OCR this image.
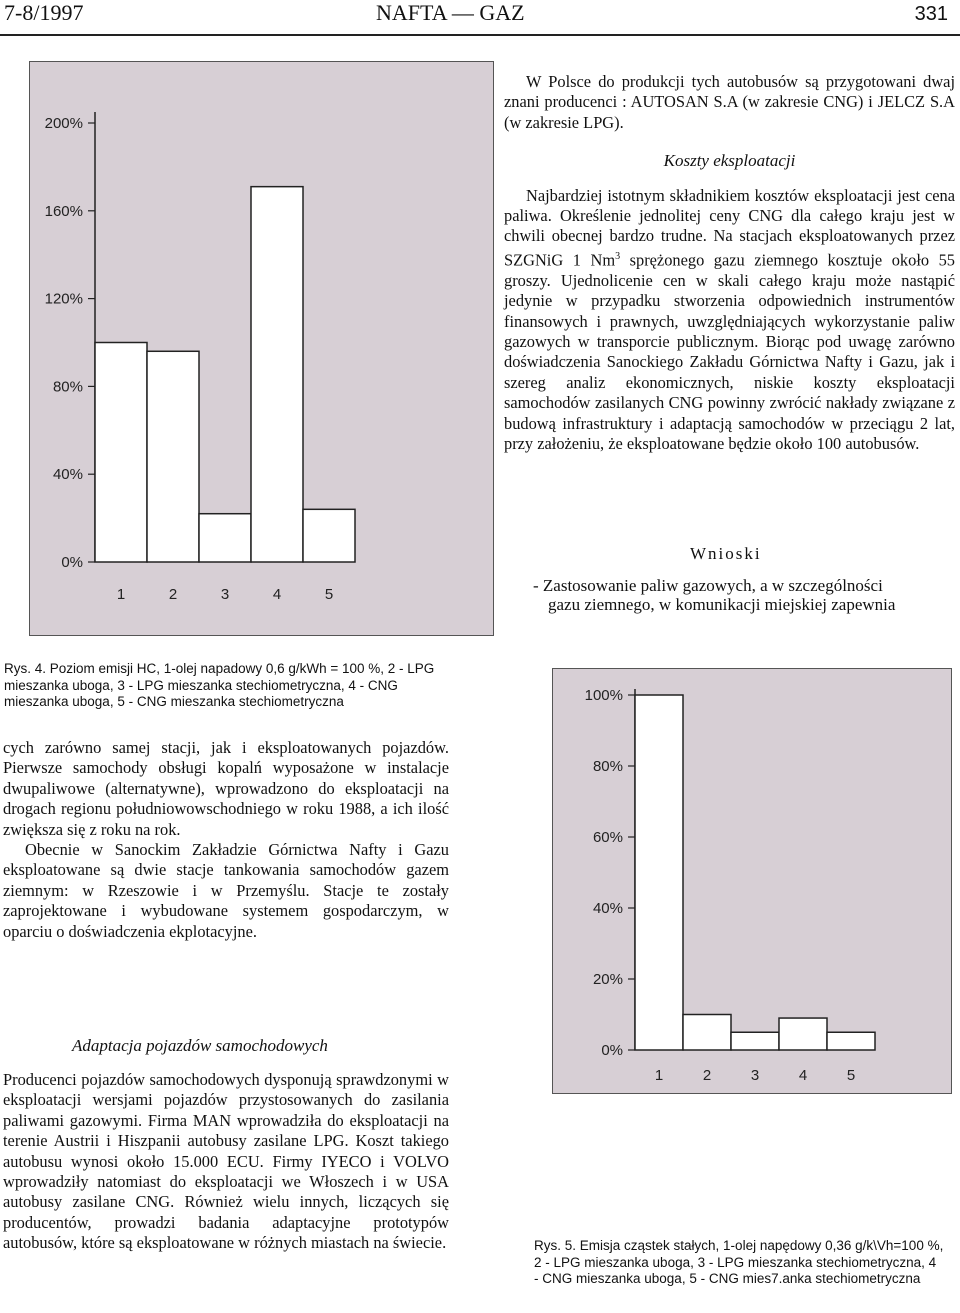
7-8/1997	NAFTA — GAZ	331
0%
40%
80%
120%
160%
200%
1	2	3	4	5

W Polsce do produkcji tych autobusów są przygotowani dwaj znani producenci : AUTOSAN S.A (w zakresie CNG) i JELCZ S.A (w zakresie LPG).

Koszty eksploatacji

Najbardziej istotnym składnikiem kosztów eksploatacji jest cena paliwa. Określenie jednolitej ceny CNG dla całego kraju jest w chwili obecnej bardzo trudne. Na stacjach eksploatowanych przez SZGNiG 1 Nm$^3$ sprężonego gazu ziemnego kosztuje około 55 groszy. Ujednolicenie cen w skali całego kraju może nastąpić jedynie w przypadku stworzenia odpowiednich instrumentów finansowych i prawnych, uwzględniających wykorzystanie paliw gazowych w transporcie publicznym. Biorąc pod uwagę zarówno doświadczenia Sanockiego Zakładu Górnictwa Nafty i Gazu, jak i szereg analiz ekonomicznych, niskie koszty eksploatacji samochodów zasilanych CNG powinny zwrócić nakłady związane z budową infrastruktury i adaptacją samochodów w przeciągu 2 lat, przy założeniu, że eksploatowane będzie około 100 autobusów.

Wnioski
- Zastosowanie paliw gazowych, a w szczególności
gazu ziemnego, w komunikacji miejskiej zapewnia
Rys. 4. Poziom emisji HC, 1-olej napadowy 0,6 g/kWh = 100 %, 2 - LPG mieszanka uboga, 3 - LPG mieszanka stechiometryczna, 4 - CNG mieszanka uboga, 5 - CNG mieszanka stechiometryczna

cych zarówno samej stacji, jak i eksploatowanych pojazdów. Pierwsze samochody obsługi kopalń wyposażone w instalacje dwupaliwowe (alternatywne), wprowadzono do eksploatacji na drogach regionu południowowschodniego w roku 1988, a ich ilość zwiększa się z roku na rok.

Obecnie w Sanockim Zakładzie Górnictwa Nafty i Gazu eksploatowane są dwie stacje tankowania samochodów gazem ziemnym: w Rzeszowie i w Przemyślu. Stacje te zostały zaprojektowane i wybudowane systemem gospodarczym, w oparciu o doświadczenia ekplotacyjne.

Adaptacja pojazdów samochodowych
Producenci pojazdów samochodowych dysponują sprawdzonymi w eksploatacji wersjami pojazdów przystosowanych do zasilania paliwami gazowymi. Firma MAN wprowadziła do eksploatacji na terenie Austrii i Hiszpanii autobusy zasilane LPG. Koszt takiego autobusu wynosi około 15.000 ECU. Firmy IYECO i VOLVO wprowadziły natomiast do eksploatacji we Włoszech i w USA autobusy zasilane CNG. Również wielu innych, liczących się producentów, prowadzi badania adaptacyjne prototypów autobusów, które są eksploatowane w różnych miastach na świecie.
0%
20%
40%
60%
80%
100%
1	2	3	4	5
Rys. 5. Emisja cząstek stałych, 1-olej napędowy 0,36 g/k\Vh=100 %, 2 - LPG mieszanka uboga, 3 - LPG mieszanka stechiometryczna, 4 - CNG mieszanka uboga, 5 - CNG mies7.anka stechiometryczna
